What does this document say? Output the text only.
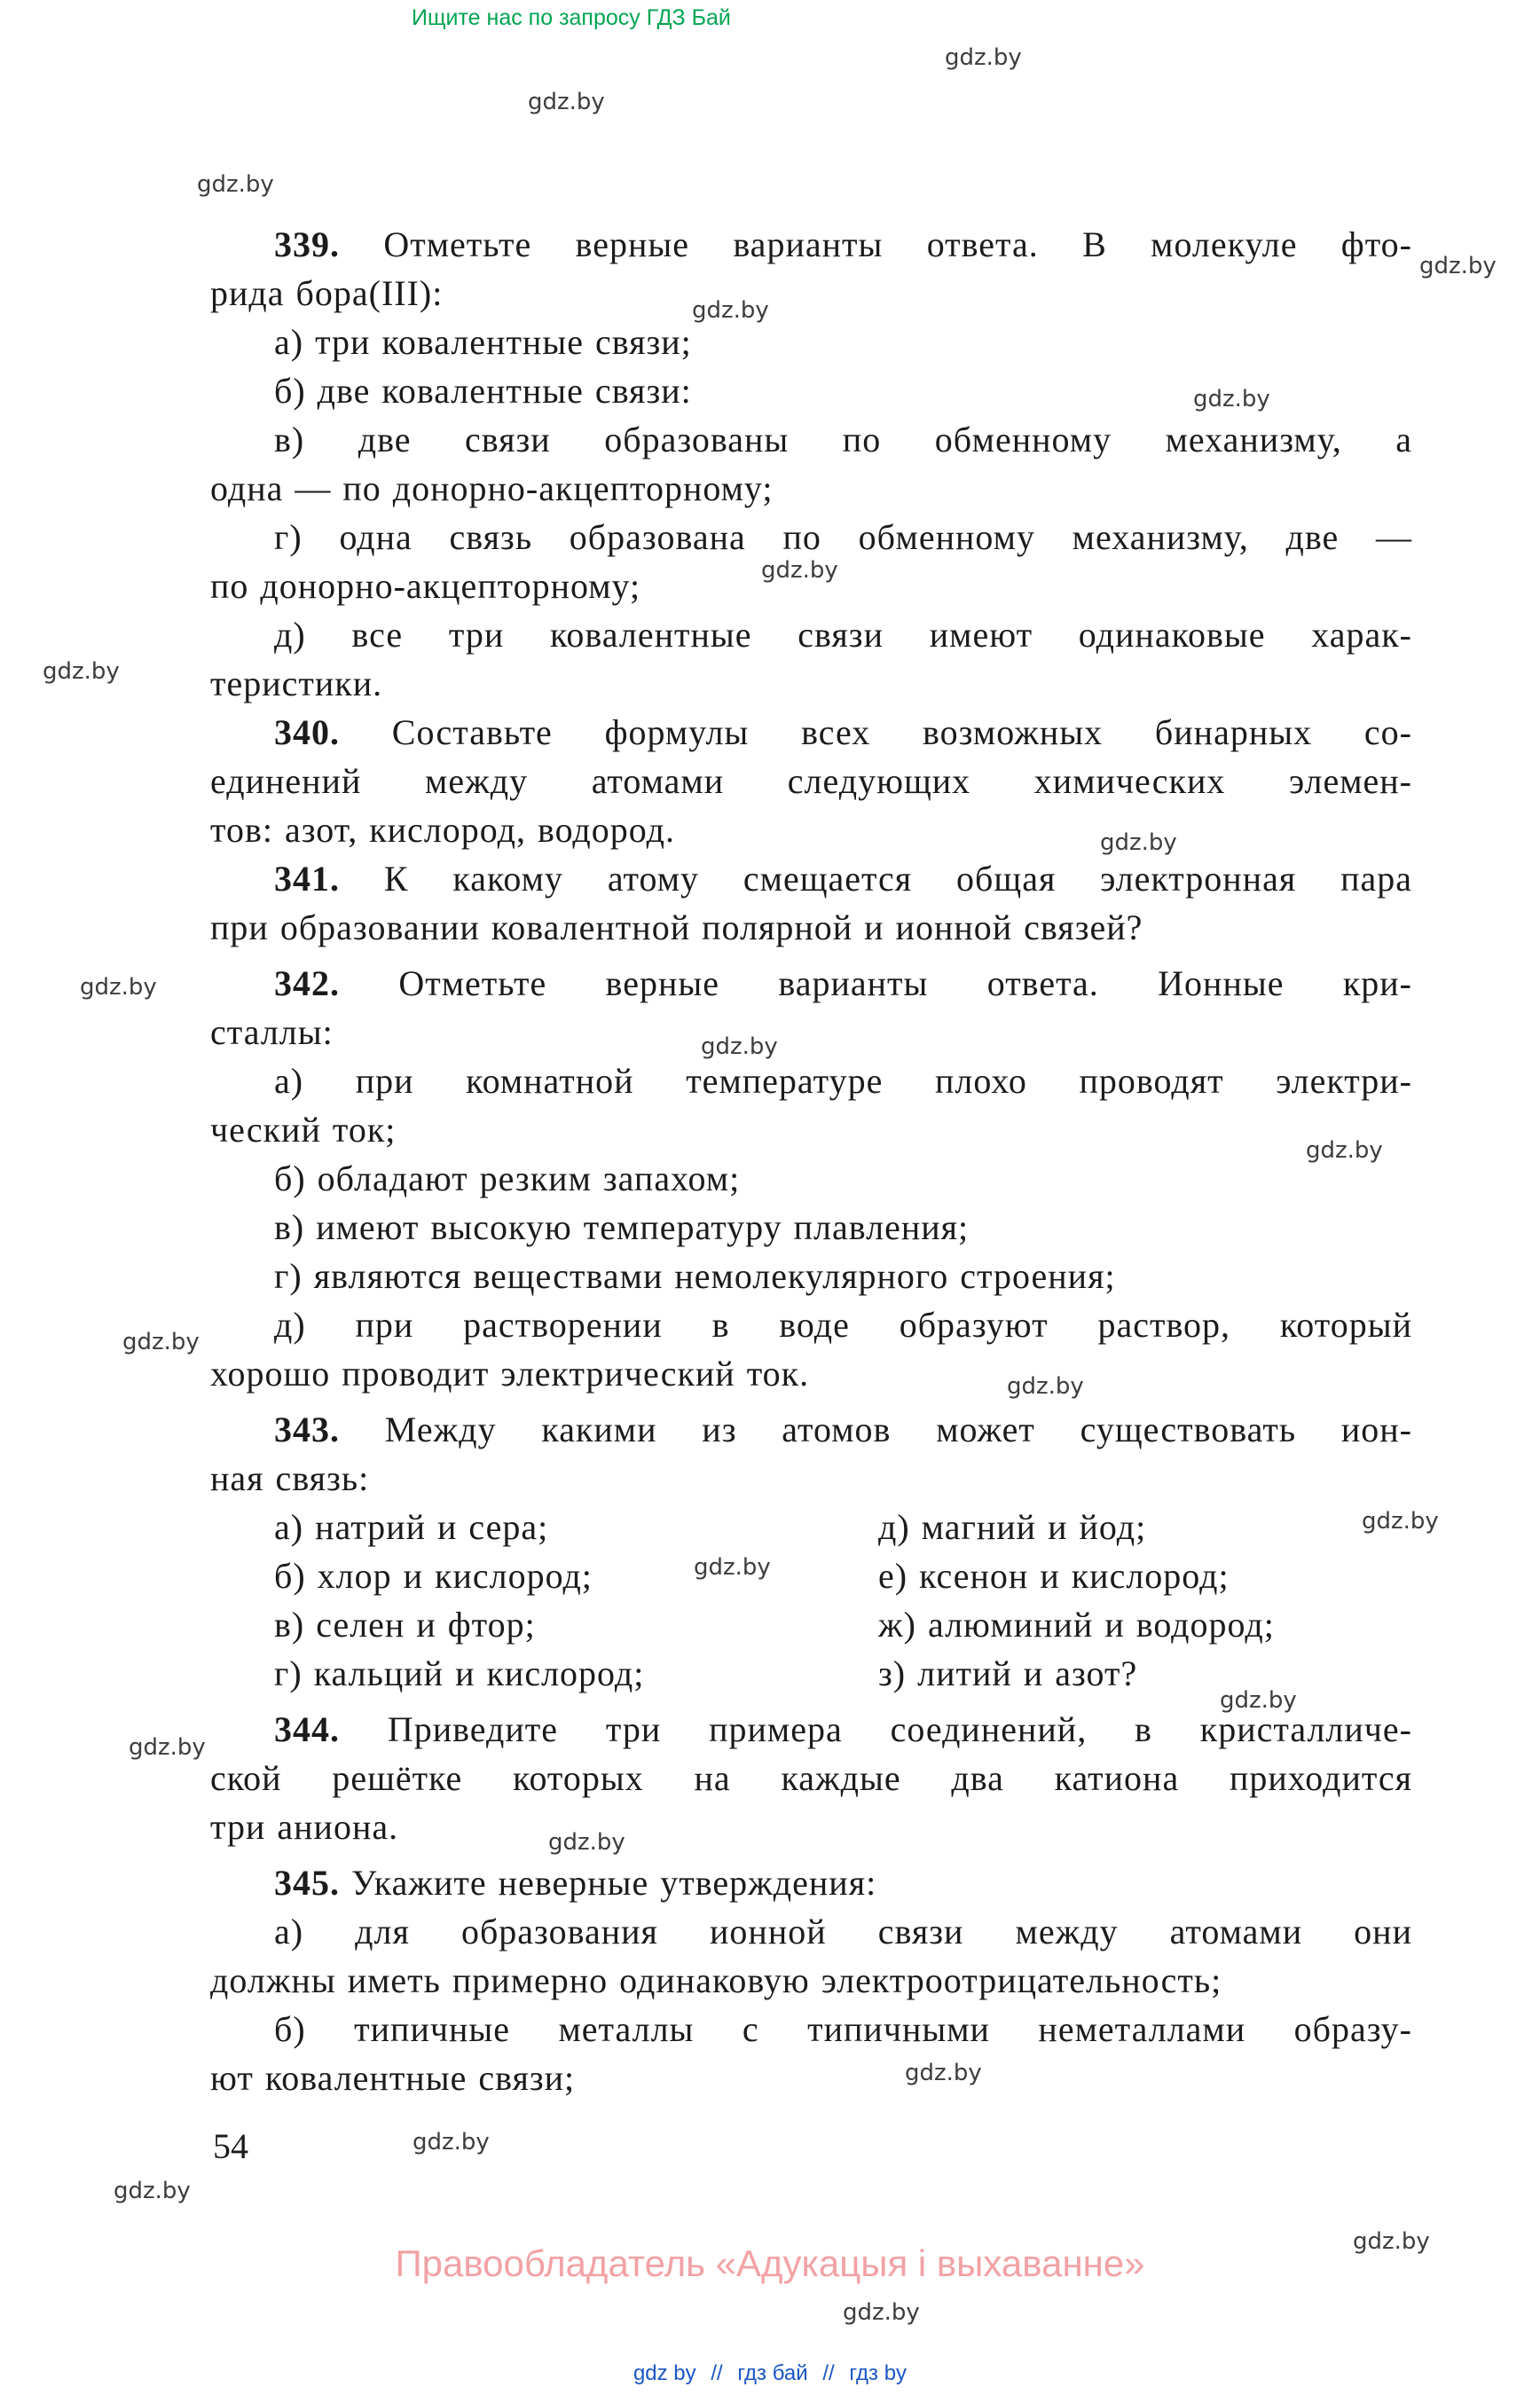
Ищите нас по запросу ГДЗ Бай
gdz.by
gdz.by
gdz.by
gdz.by
gdz.by
gdz.by
gdz.by
gdz.by
gdz.by
gdz.by
gdz.by
gdz.by
gdz.by
gdz.by
gdz.by
gdz.by
gdz.by
gdz.by
gdz.by
gdz.by
gdz.by
gdz.by
gdz.by
gdz.by
339. Отметьте верные варианты ответа. В молекуле фто-
рида бора(III):
а) три ковалентные связи;
б) две ковалентные связи:
в) две связи образованы по обменному механизму, а
одна — по донорно-акцепторному;
г) одна связь образована по обменному механизму, две —
по донорно-акцепторному;
д) все три ковалентные связи имеют одинаковые харак-
теристики.
340. Составьте формулы всех возможных бинарных со-
единений между атомами следующих химических элемен-
тов: азот, кислород, водород.
341. К какому атому смещается общая электронная пара
при образовании ковалентной полярной и ионной связей?
342. Отметьте верные варианты ответа. Ионные кри-
сталлы:
а) при комнатной температуре плохо проводят электри-
ческий ток;
б) обладают резким запахом;
в) имеют высокую температуру плавления;
г) являются веществами немолекулярного строения;
д) при растворении в воде образуют раствор, который
хорошо проводит электрический ток.
343. Между какими из атомов может существовать ион-
ная связь:
а) натрий и сера;
б) хлор и кислород;
в) селен и фтор;
г) кальций и кислород;
д) магний и йод;
е) ксенон и кислород;
ж) алюминий и водород;
з) литий и азот?
344. Приведите три примера соединений, в кристалличе-
ской решётке которых на каждые два катиона приходится
три аниона.
345. Укажите неверные утверждения:
а) для образования ионной связи между атомами они
должны иметь примерно одинаковую электроотрицательность;
б) типичные металлы с типичными неметаллами образу-
ют ковалентные связи;
54
Правообладатель «Адукацыя і выхаванне»
gdz by // гдз бай // гдз by
